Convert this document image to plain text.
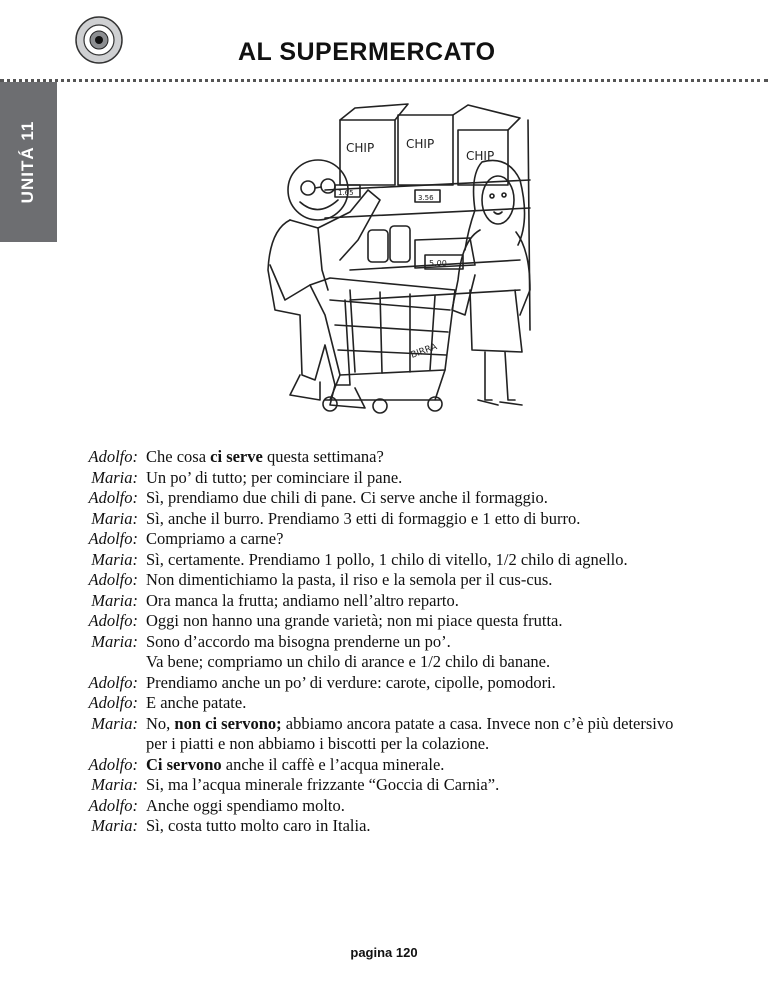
UNITÁ 11
AL SUPERMERCATO
CHIP	CHIP
CHIP
1.65
3.56
5.00
BIRRA
Adolfo: Che cosa ci serve questa settimana?
Maria: Un po’ di tutto; per cominciare il pane.
Adolfo: Sì, prendiamo due chili di pane. Ci serve anche il formaggio.
Maria: Sì, anche il burro. Prendiamo 3 etti di formaggio e 1 etto di burro.
Adolfo: Compriamo a carne?
Maria: Sì, certamente. Prendiamo 1 pollo, 1 chilo di vitello, 1/2 chilo di agnello.
Adolfo: Non dimentichiamo la pasta, il riso e la semola per il cus-cus.
Maria: Ora manca la frutta; andiamo nell’altro reparto.
Adolfo: Oggi non hanno una grande varietà; non mi piace questa frutta.
Maria: Sono d’accordo ma bisogna prenderne un po’.
Va bene; compriamo un chilo di arance e 1/2 chilo di banane.
Adolfo: Prendiamo anche un po’ di verdure: carote, cipolle, pomodori.
Adolfo: E anche patate.
Maria: No, non ci servono; abbiamo ancora patate a casa. Invece non c’è più detersivo
per i piatti e non abbiamo i biscotti per la colazione.
Adolfo: Ci servono anche il caffè e l’acqua minerale.
Maria: Si, ma l’acqua minerale frizzante “Goccia di Carnia”.
Adolfo: Anche oggi spendiamo molto.
Maria: Sì, costa tutto molto caro in Italia.
pagina 120
